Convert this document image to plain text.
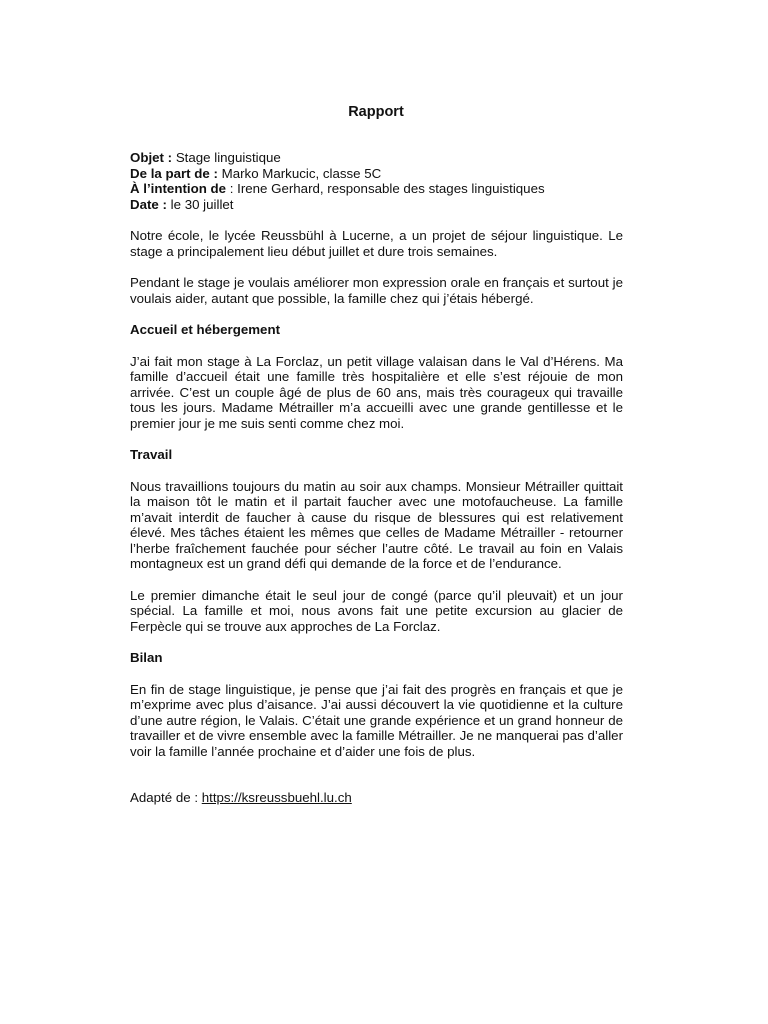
Rapport
Objet : Stage linguistique
De la part de : Marko Markucic, classe 5C
À l’intention de : Irene Gerhard, responsable des stages linguistiques
Date : le 30 juillet

Notre école, le lycée Reussbühl à Lucerne, a un projet de séjour linguistique. Le stage a principalement lieu début juillet et dure trois semaines.

Pendant le stage je voulais améliorer mon expression orale en français et surtout je voulais aider, autant que possible, la famille chez qui j’étais hébergé.

Accueil et hébergement

J’ai fait mon stage à La Forclaz, un petit village valaisan dans le Val d’Hérens. Ma famille d’accueil était une famille très hospitalière et elle s’est réjouie de mon arrivée. C’est un couple âgé de plus de 60 ans, mais très courageux qui travaille tous les jours. Madame Métrailler m’a accueilli avec une grande gentillesse et le premier jour je me suis senti comme chez moi.

Travail

Nous travaillions toujours du matin au soir aux champs. Monsieur Métrailler quittait la maison tôt le matin et il partait faucher avec une motofaucheuse. La famille m’avait interdit de faucher à cause du risque de blessures qui est relativement élevé. Mes tâches étaient les mêmes que celles de Madame Métrailler - retourner l’herbe fraîchement fauchée pour sécher l’autre côté. Le travail au foin en Valais montagneux est un grand défi qui demande de la force et de l’endurance.

Le premier dimanche était le seul jour de congé (parce qu’il pleuvait) et un jour spécial. La famille et moi, nous avons fait une petite excursion au glacier de Ferpècle qui se trouve aux approches de La Forclaz.

Bilan

En fin de stage linguistique, je pense que j’ai fait des progrès en français et que je m’exprime avec plus d’aisance. J’ai aussi découvert la vie quotidienne et la culture d’une autre région, le Valais. C’était une grande expérience et un grand honneur de travailler et de vivre ensemble avec la famille Métrailler. Je ne manquerai pas d’aller voir la famille l’année prochaine et d’aider une fois de plus.

Adapté de : https://ksreussbuehl.lu.ch
